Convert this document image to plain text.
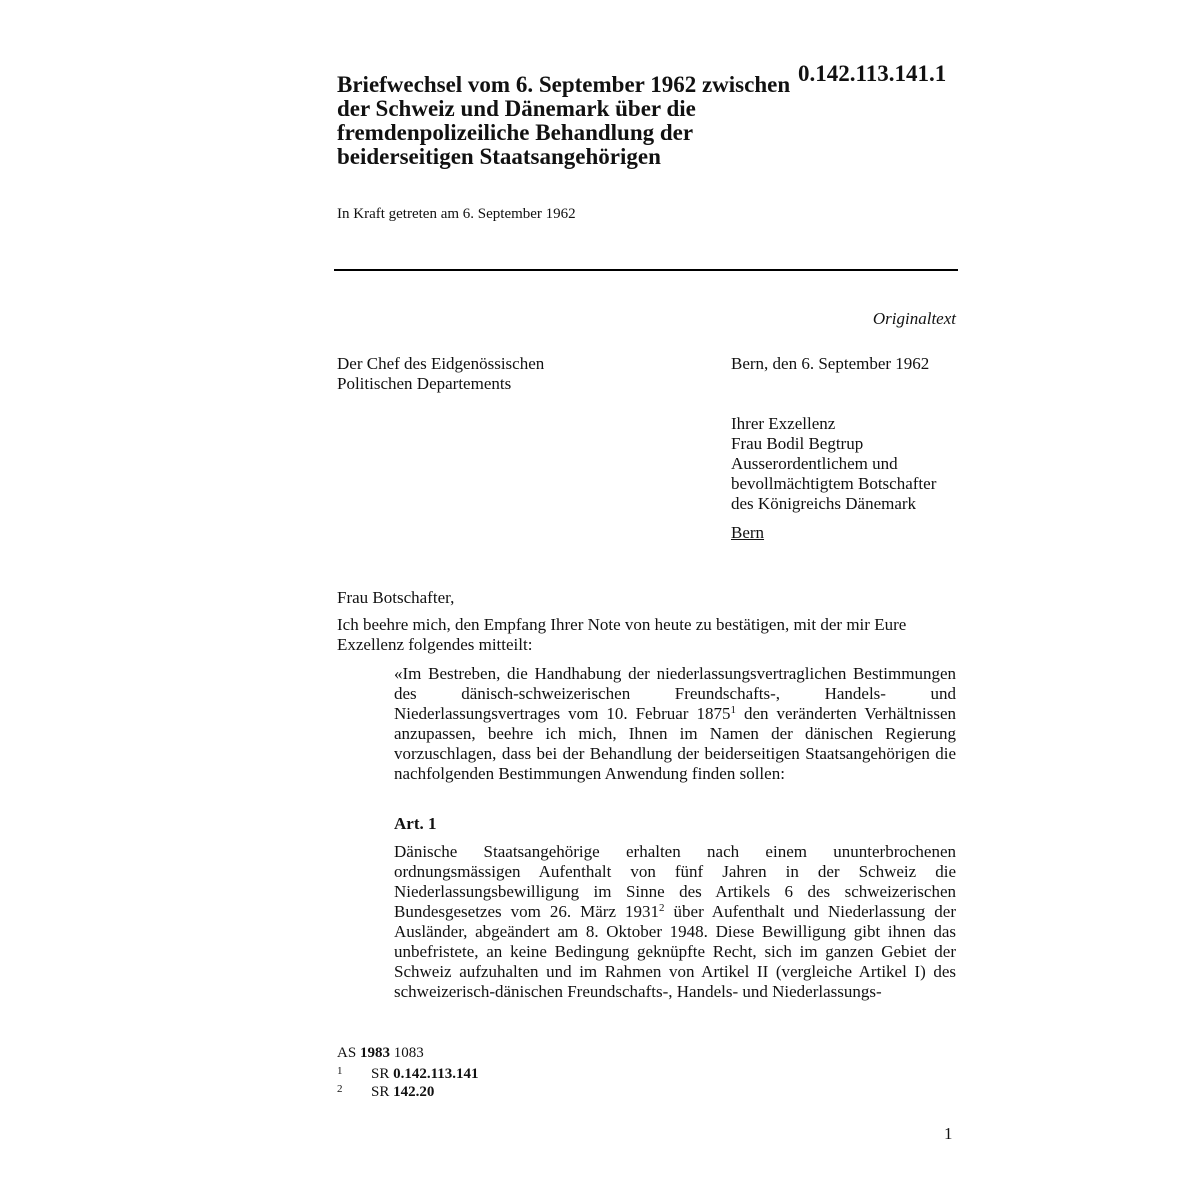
Briefwechsel vom 6. September 1962 zwischen der Schweiz und Dänemark über die fremdenpolizeiliche Behandlung der beiderseitigen Staatsangehörigen
0.142.113.141.1
In Kraft getreten am 6. September 1962
Originaltext
Der Chef des Eidgenössischen
Politischen Departements
Bern, den 6. September 1962
Ihrer Exzellenz
Frau Bodil Begtrup
Ausserordentlichem und
bevollmächtigtem Botschafter
des Königreichs Dänemark
Bern
Frau Botschafter,
Ich beehre mich, den Empfang Ihrer Note von heute zu bestätigen, mit der mir Eure Exzellenz folgendes mitteilt:
«Im Bestreben, die Handhabung der niederlassungsvertraglichen Bestimmungen des dänisch-schweizerischen Freundschafts-, Handels- und Niederlassungsvertrages vom 10. Februar 1875$^1$ den veränderten Verhältnissen anzupassen, beehre ich mich, Ihnen im Namen der dänischen Regierung vorzuschlagen, dass bei der Behandlung der beiderseitigen Staatsangehörigen die nachfolgenden Bestimmungen Anwendung finden sollen:
Art. 1
Dänische Staatsangehörige erhalten nach einem ununterbrochenen ordnungsmässigen Aufenthalt von fünf Jahren in der Schweiz die Niederlassungsbewilligung im Sinne des Artikels 6 des schweizerischen Bundesgesetzes vom 26. März 1931$^2$ über Aufenthalt und Niederlassung der Ausländer, abgeändert am 8. Oktober 1948. Diese Bewilligung gibt ihnen das unbefristete, an keine Bedingung geknüpfte Recht, sich im ganzen Gebiet der Schweiz aufzuhalten und im Rahmen von Artikel II (vergleiche Artikel I) des schweizerisch-dänischen Freundschafts-, Handels- und Niederlassungs-
AS 1983 1083
1 SR 0.142.113.141
2 SR 142.20
1
